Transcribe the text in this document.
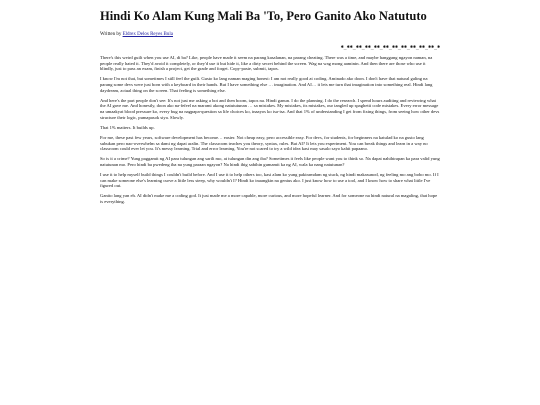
Hindi Ko Alam Kung Mali Ba 'To, Pero Ganito Ako Natututo
Written by Eldrex Delos Reyes Bula
✱_✱✱_✱✱_✱✱_✱✱_✱✱_✱✱_✱✱_✱✱_✱✱_✱✱_✱

There's this weird guilt when you use AI, di ba? Like, people have made it seem na parang kasalanan, na parang cheating. There was a time, and maybe hanggang ngayon naman, na people really hated it. They'd avoid it completely, or they'd use it but hide it, like a dirty secret behind the screen. Wag na wag mong aaminin. And then there are those who use it blindly, just to pass an exam, finish a project, get the grade and forget. Copy-paste, submit, tapos.

I know I'm not that, but sometimes I still feel the guilt. Gusto ko lang naman maging honest: I am not really good at coding. Aminado ako doon. I don't have that natural galing na parang some devs were just born with a keyboard in their hands. But I have something else … imagination. And AI… it lets me turn that imagination into something real. Hindi lang daydream, actual thing on the screen. That feeling is something else.

And here's the part people don't see: It's not just me asking a bot and then boom, tapos na. Hindi ganun. I do the planning. I do the research. I spend hours auditing and reviewing what the AI gave me. And honestly, doon ako na-fefeel na marami akong natututunan … sa mistakes. My mistakes, its mistakes, our tangled up spaghetti code mistakes. Every error message na umaakyat blood pressure ko, every bug na nagpapa-question sa life choices ko, inaayos ko isa-isa. And that 1% of understanding I get from fixing things, from seeing how other devs structure their logic, pumapasok siya. Slowly.

That 1% matters. It builds up.

For me, these past few years, software development has become… easier. Not cheap easy, pero accessible easy. For devs, for students, for beginners na katulad ko na gusto lang subukan pero nao-overwhelm sa dami ng dapat aralin. The classroom teaches you theory, syntax, rules. But AI? It lets you experiment. You can break things and learn in a way no classroom could ever let you. It's messy learning. Trial and error learning. You're not scared to try a wild idea kasi may sasalo sayo kahit papaano.

So is it a crime? Yung paggamit ng AI para tulungan ang sarili mo, at tulungan din ang iba? Sometimes it feels like people want you to think so. Na dapat nahihirapan ka para valid yung natutunan mo. Pero hindi ba pwedeng iba na yung paraan ngayon? Na hindi ibig sabihin gumamit ka ng AI, wala ka nang natutunan?

I use it to help myself build things I couldn't build before. And I use it to help others too, kasi alam ko yung pakiramdam ng stuck, ng hindi makasunod, ng feeling mo ang bobo mo. If I can make someone else's learning curve a little less steep, why wouldn't I? Hindi ko inaangkin na genius ako. I just know how to use a tool, and I know how to share what little I've figured out.

Ganito lang yan eh. AI didn't make me a coding god. It just made me a more capable, more curious, and more hopeful learner. And for someone na hindi natural na magaling, that hope is everything.
